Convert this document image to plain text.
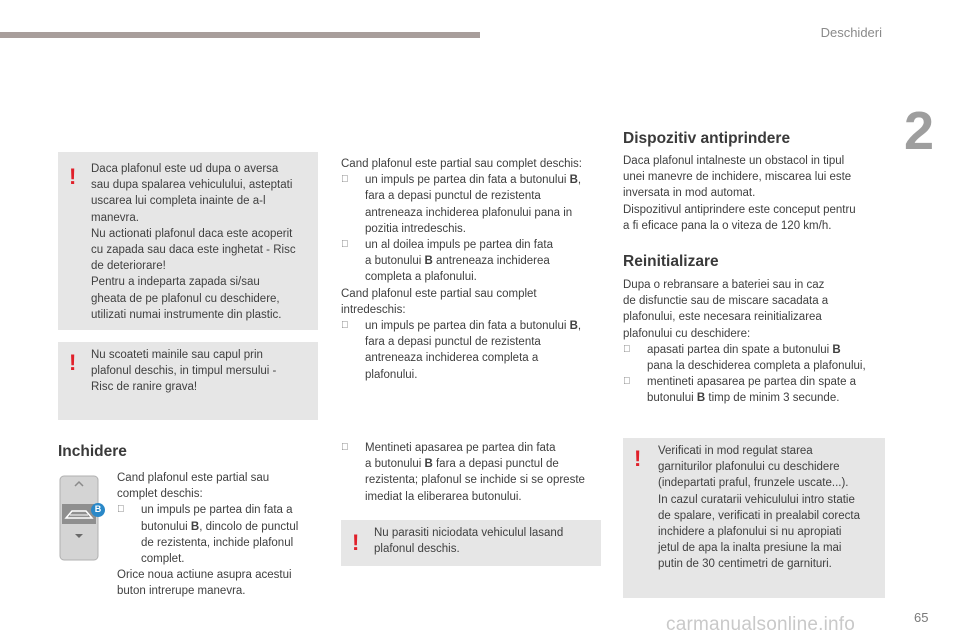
Deschideri
2
! Daca plafonul este ud dupa o aversa
sau dupa spalarea vehiculului, asteptati
uscarea lui completa inainte de a-l
manevra.
Nu actionati plafonul daca este acoperit
cu zapada sau daca este inghetat - Risc
de deteriorare!
Pentru a indeparta zapada si/sau
gheata de pe plafonul cu deschidere,
utilizati numai instrumente din plastic.
! Nu scoateti mainile sau capul prin
plafonul deschis, in timpul mersului -
Risc de ranire grava!
Inchidere
B

Cand plafonul este partial sau

complet deschis:

un impuls pe partea din fata a

butonului B, dincolo de punctul

de rezistenta, inchide plafonul

complet.

Orice noua actiune asupra acestui

buton intrerupe manevra.

Cand plafonul este partial sau complet deschis:

un impuls pe partea din fata a butonului B,

fara a depasi punctul de rezistenta

antreneaza inchiderea plafonului pana in

pozitia intredeschis.

un al doilea impuls pe partea din fata

a butonului B antreneaza inchiderea

completa a plafonului.

Cand plafonul este partial sau complet

intredeschis:

un impuls pe partea din fata a butonului B,

fara a depasi punctul de rezistenta

antreneaza inchiderea completa a

plafonului.

Mentineti apasarea pe partea din fata

a butonului B fara a depasi punctul de

rezistenta; plafonul se inchide si se opreste

imediat la eliberarea butonului.

! Nu parasiti niciodata vehiculul lasand
plafonul deschis.
Dispozitiv antiprindere

Daca plafonul intalneste un obstacol in tipul

unei manevre de inchidere, miscarea lui este

inversata in mod automat.

Dispozitivul antiprindere este conceput pentru

a fi eficace pana la o viteza de 120 km/h.

Reinitializare

Dupa o rebransare a bateriei sau in caz

de disfunctie sau de miscare sacadata a

plafonului, este necesara reinitializarea

plafonului cu deschidere:

apasati partea din spate a butonului B

pana la deschiderea completa a plafonului,

mentineti apasarea pe partea din spate a

butonului B timp de minim 3 secunde.

! Verificati in mod regulat starea
garniturilor plafonului cu deschidere
(indepartati praful, frunzele uscate...).
In cazul curatarii vehiculului intro statie
de spalare, verificati in prealabil corecta
inchidere a plafonului si nu apropiati
jetul de apa la inalta presiune la mai
putin de 30 centimetri de garnituri.
carmanualsonline.info	65
